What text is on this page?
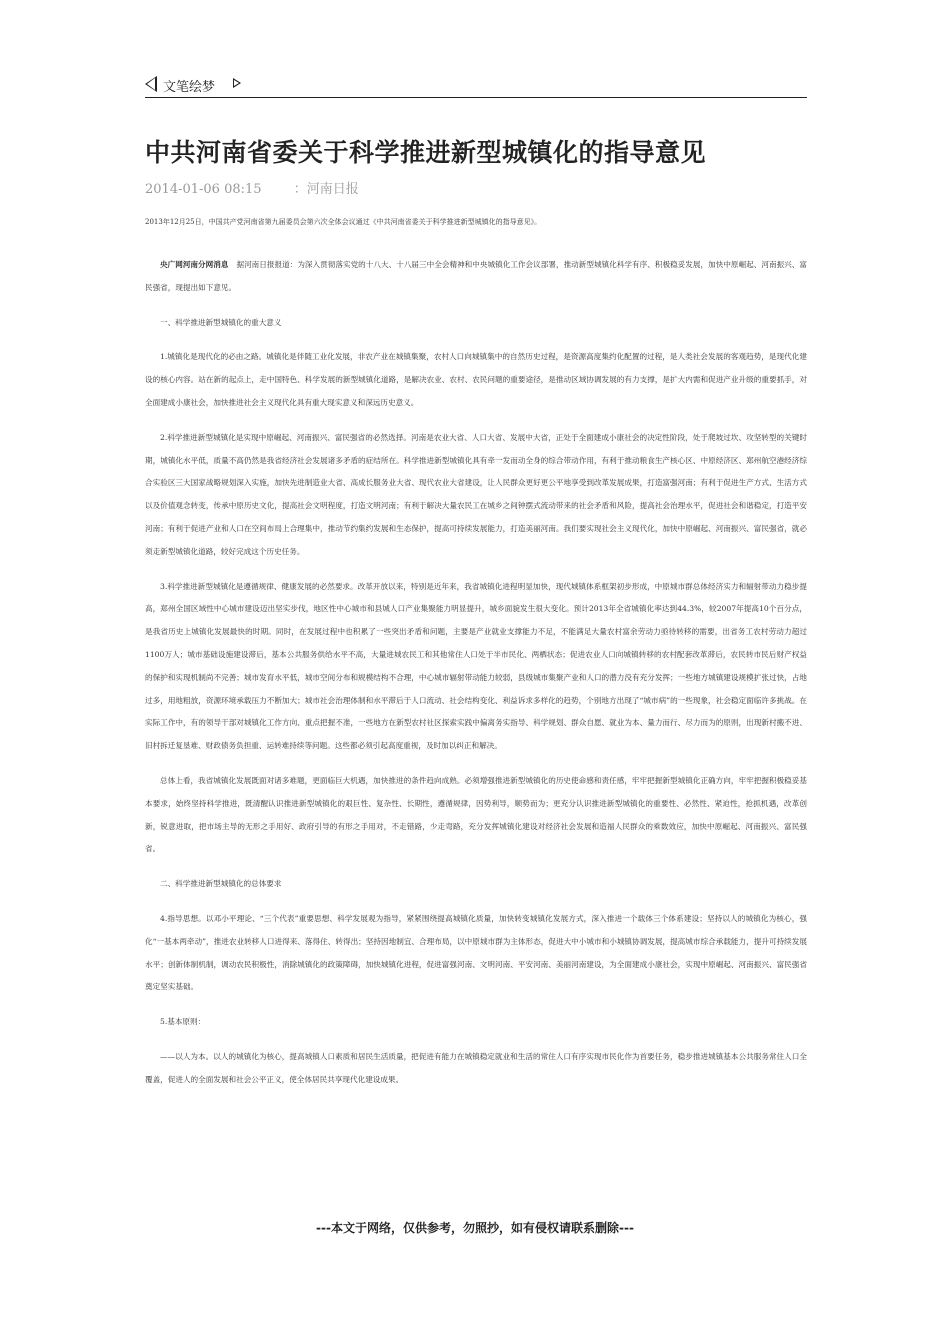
文笔绘梦
中共河南省委关于科学推进新型城镇化的指导意见
2014-01-06 08:15 ：河南日报

2013年12月25日，中国共产党河南省第九届委员会第六次全体会议通过《中共河南省委关于科学推进新型城镇化的指导意见》。

央广网河南分网消息 据河南日报报道：为深入贯彻落实党的十八大、十八届三中全会精神和中央城镇化工作会议部署，推动新型城镇化科学有序、积极稳妥发展，加快中原崛起、河南振兴、富民强省，现提出如下意见。

一、科学推进新型城镇化的重大意义

1.城镇化是现代化的必由之路。城镇化是伴随工业化发展，非农产业在城镇集聚，农村人口向城镇集中的自然历史过程，是资源高度集约化配置的过程，是人类社会发展的客观趋势，是现代化建设的核心内容。站在新的起点上，走中国特色、科学发展的新型城镇化道路，是解决农业、农村、农民问题的重要途径，是推动区域协调发展的有力支撑，是扩大内需和促进产业升级的重要抓手，对全面建成小康社会，加快推进社会主义现代化具有重大现实意义和深远历史意义。

2.科学推进新型城镇化是实现中原崛起、河南振兴、富民强省的必然选择。河南是农业大省、人口大省、发展中大省，正处于全面建成小康社会的决定性阶段，处于爬坡过坎、攻坚转型的关键时期，城镇化水平低，质量不高仍然是我省经济社会发展诸多矛盾的症结所在。科学推进新型城镇化具有牵一发而动全身的综合带动作用，有利于推动粮食生产核心区、中原经济区、郑州航空港经济综合实验区三大国家战略规划深入实施，加快先进制造业大省、高成长服务业大省、现代农业大省建设，让人民群众更好更公平地享受到改革发展成果，打造富强河南；有利于促进生产方式、生活方式以及价值观念转变，传承中原历史文化，提高社会文明程度，打造文明河南；有利于解决大量农民工在城乡之间钟摆式流动带来的社会矛盾和风险，提高社会治理水平，促进社会和谐稳定，打造平安河南；有利于促进产业和人口在空间布局上合理集中，推动节约集约发展和生态保护，提高可持续发展能力，打造美丽河南。我们要实现社会主义现代化，加快中原崛起、河南振兴、富民强省，就必须走新型城镇化道路，较好完成这个历史任务。

3.科学推进新型城镇化是遵循规律、健康发展的必然要求。改革开放以来，特别是近年来，我省城镇化进程明显加快，现代城镇体系框架初步形成，中原城市群总体经济实力和辐射带动力稳步提高，郑州全国区域性中心城市建设迈出坚实步伐，地区性中心城市和县城人口产业集聚能力明显提升，城乡面貌发生很大变化。预计2013年全省城镇化率达到44.3%，较2007年提高10个百分点，是我省历史上城镇化发展最快的时期。同时，在发展过程中也积累了一些突出矛盾和问题，主要是产业就业支撑能力不足，不能满足大量农村富余劳动力亟待转移的需要，出省务工农村劳动力超过1100万人；城市基础设施建设滞后，基本公共服务供给水平不高，大量进城农民工和其他常住人口处于半市民化、两栖状态；促进农业人口向城镇转移的农村配套改革滞后，农民转市民后财产权益的保护和实现机制尚不完善；城市发育水平低，城市空间分布和规模结构不合理，中心城市辐射带动能力较弱，县级城市集聚产业和人口的潜力没有充分发挥；一些地方城镇建设规模扩张过快，占地过多，用地粗放，资源环境承载压力不断加大；城市社会治理体制和水平滞后于人口流动、社会结构变化、利益诉求多样化的趋势，个别地方出现了“城市病”的一些现象，社会稳定面临许多挑战。在实际工作中，有的领导干部对城镇化工作方向、重点把握不准，一些地方在新型农村社区探索实践中偏离务实指导、科学规划、群众自愿、就业为本、量力而行、尽力而为的原则，出现新村搬不进、旧村拆迁复垦难、财政债务负担重、运转难持续等问题。这些都必须引起高度重视，及时加以纠正和解决。

总体上看，我省城镇化发展既面对诸多难题，更面临巨大机遇，加快推进的条件趋向成熟。必须增强推进新型城镇化的历史使命感和责任感，牢牢把握新型城镇化正确方向，牢牢把握积极稳妥基本要求，始终坚持科学推进，既清醒认识推进新型城镇化的艰巨性、复杂性、长期性，遵循规律，因势利导，顺势而为；更充分认识推进新型城镇化的重要性、必然性、紧迫性，抢抓机遇，改革创新，锐意进取，把市场主导的无形之手用好、政府引导的有形之手用对，不走错路，少走弯路，充分发挥城镇化建设对经济社会发展和造福人民群众的乘数效应，加快中原崛起、河南振兴、富民强省。

二、科学推进新型城镇化的总体要求

4.指导思想。以邓小平理论、“三个代表”重要思想、科学发展观为指导，紧紧围绕提高城镇化质量，加快转变城镇化发展方式，深入推进一个载体三个体系建设；坚持以人的城镇化为核心，强化“一基本两牵动”，推进农业转移人口进得来、落得住、转得出；坚持因地制宜、合理布局，以中原城市群为主体形态，促进大中小城市和小城镇协调发展，提高城市综合承载能力，提升可持续发展水平；创新体制机制，调动农民积极性，消除城镇化的政策障碍，加快城镇化进程，促进富强河南、文明河南、平安河南、美丽河南建设，为全面建成小康社会，实现中原崛起、河南振兴、富民强省奠定坚实基础。

5.基本原则：

——以人为本。以人的城镇化为核心，提高城镇人口素质和居民生活质量，把促进有能力在城镇稳定就业和生活的常住人口有序实现市民化作为首要任务，稳步推进城镇基本公共服务常住人口全覆盖，促进人的全面发展和社会公平正义，使全体居民共享现代化建设成果。

---本文于网络，仅供参考，勿照抄，如有侵权请联系删除---
